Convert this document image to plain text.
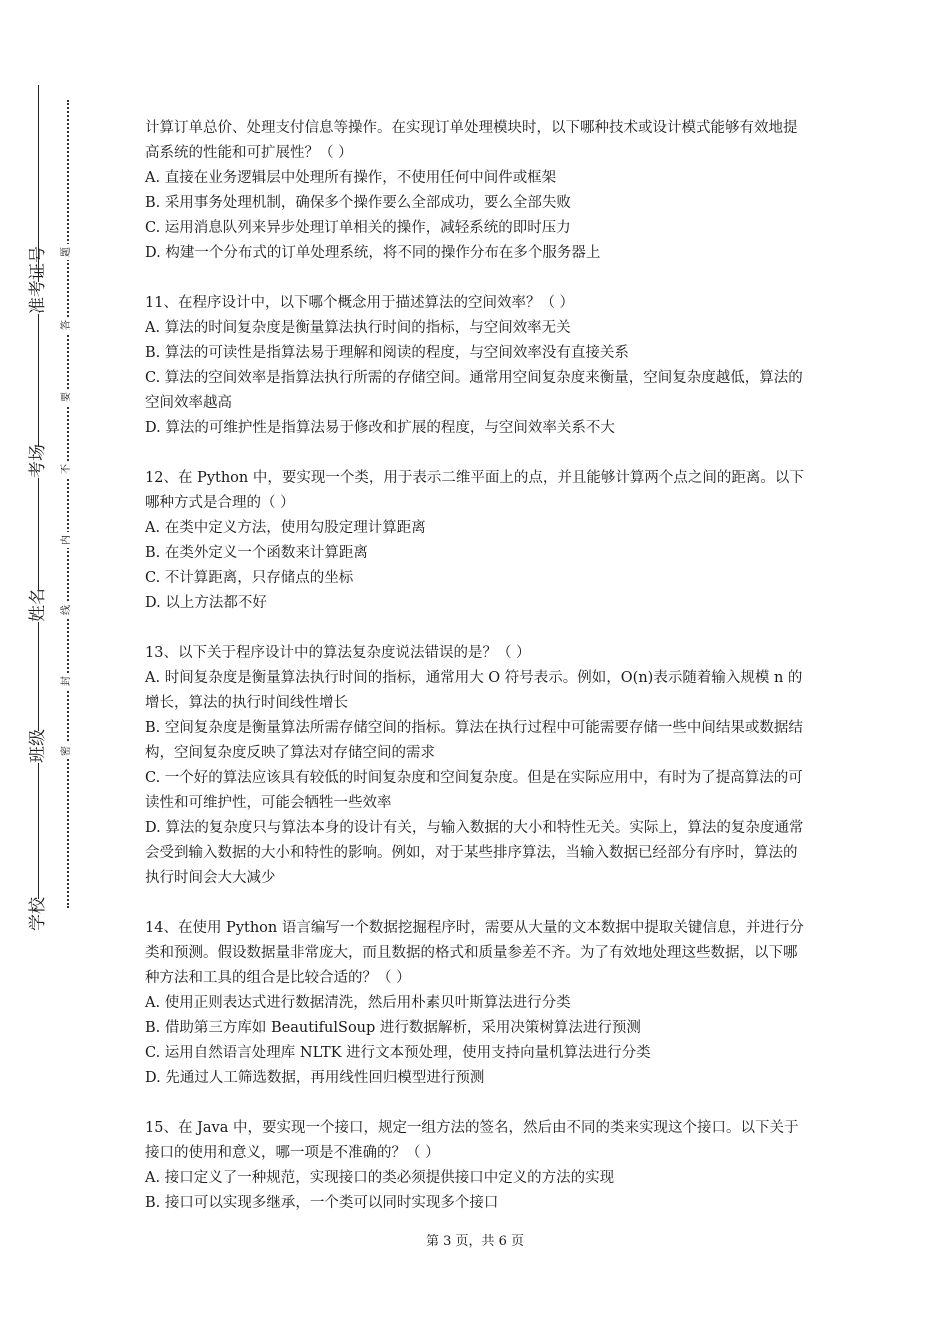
准考证号
考场
姓名
班级
学校
题
答
要
不
内
线
封
密

计算订单总价、处理支付信息等操作。在实现订单处理模块时，以下哪种技术或设计模式能够有效地提高系统的性能和可扩展性？（ ）

A. 直接在业务逻辑层中处理所有操作，不使用任何中间件或框架

B. 采用事务处理机制，确保多个操作要么全部成功，要么全部失败

C. 运用消息队列来异步处理订单相关的操作，减轻系统的即时压力

D. 构建一个分布式的订单处理系统，将不同的操作分布在多个服务器上

11、在程序设计中，以下哪个概念用于描述算法的空间效率？（ ）

A. 算法的时间复杂度是衡量算法执行时间的指标，与空间效率无关

B. 算法的可读性是指算法易于理解和阅读的程度，与空间效率没有直接关系

C. 算法的空间效率是指算法执行所需的存储空间。通常用空间复杂度来衡量，空间复杂度越低，算法的空间效率越高

D. 算法的可维护性是指算法易于修改和扩展的程度，与空间效率关系不大

12、在 Python 中，要实现一个类，用于表示二维平面上的点，并且能够计算两个点之间的距离。以下哪种方式是合理的（ ）

A. 在类中定义方法，使用勾股定理计算距离

B. 在类外定义一个函数来计算距离

C. 不计算距离，只存储点的坐标

D. 以上方法都不好

13、以下关于程序设计中的算法复杂度说法错误的是？（ ）

A. 时间复杂度是衡量算法执行时间的指标，通常用大 O 符号表示。例如，O(n)表示随着输入规模 n 的增长，算法的执行时间线性增长

B. 空间复杂度是衡量算法所需存储空间的指标。算法在执行过程中可能需要存储一些中间结果或数据结构，空间复杂度反映了算法对存储空间的需求

C. 一个好的算法应该具有较低的时间复杂度和空间复杂度。但是在实际应用中，有时为了提高算法的可读性和可维护性，可能会牺牲一些效率

D. 算法的复杂度只与算法本身的设计有关，与输入数据的大小和特性无关。实际上，算法的复杂度通常会受到输入数据的大小和特性的影响。例如，对于某些排序算法，当输入数据已经部分有序时，算法的执行时间会大大减少

14、在使用 Python 语言编写一个数据挖掘程序时，需要从大量的文本数据中提取关键信息，并进行分类和预测。假设数据量非常庞大，而且数据的格式和质量参差不齐。为了有效地处理这些数据，以下哪种方法和工具的组合是比较合适的？（ ）

A. 使用正则表达式进行数据清洗，然后用朴素贝叶斯算法进行分类

B. 借助第三方库如 BeautifulSoup 进行数据解析，采用决策树算法进行预测

C. 运用自然语言处理库 NLTK 进行文本预处理，使用支持向量机算法进行分类

D. 先通过人工筛选数据，再用线性回归模型进行预测

15、在 Java 中，要实现一个接口，规定一组方法的签名，然后由不同的类来实现这个接口。以下关于接口的使用和意义，哪一项是不准确的？（ ）

A. 接口定义了一种规范，实现接口的类必须提供接口中定义的方法的实现

B. 接口可以实现多继承，一个类可以同时实现多个接口

第 3 页，共 6 页
